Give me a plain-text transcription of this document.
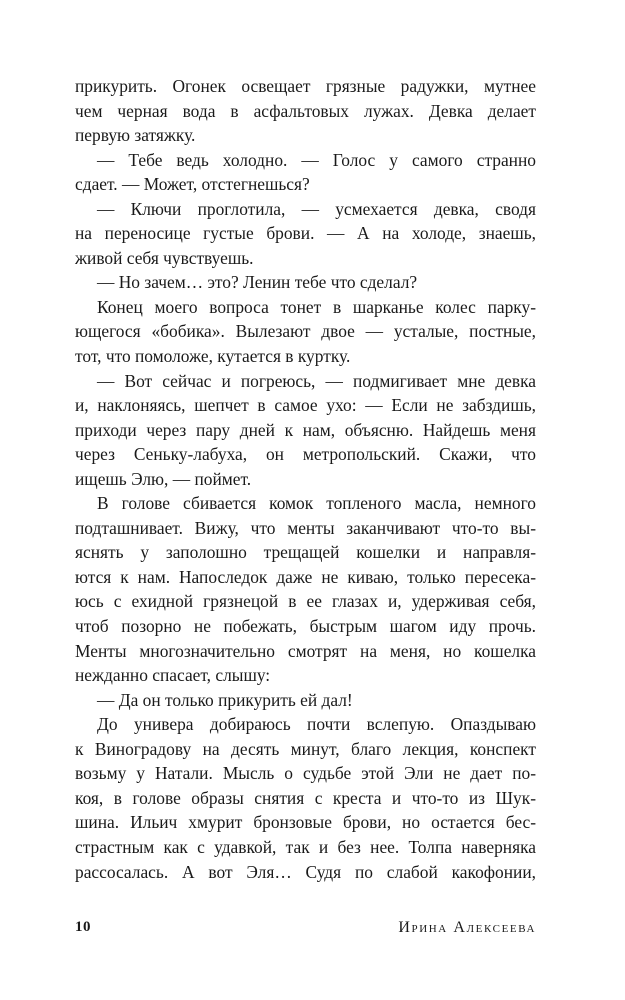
прикурить. Огонек освещает грязные радужки, мутнее
чем черная вода в асфальтовых лужах. Девка делает
первую затяжку.
— Тебе ведь холодно. — Голос у самого странно
сдает. — Может, отстегнешься?
— Ключи проглотила, — усмехается девка, сводя
на переносице густые брови. — А на холоде, знаешь,
живой себя чувствуешь.
— Но зачем… это? Ленин тебе что сделал?
Конец моего вопроса тонет в шарканье колес парку-
ющегося «бобика». Вылезают двое — усталые, постные,
тот, что помоложе, кутается в куртку.
— Вот сейчас и погреюсь, — подмигивает мне девка
и, наклоняясь, шепчет в самое ухо: — Если не забздишь,
приходи через пару дней к нам, объясню. Найдешь меня
через Сеньку-лабуха, он метропольский. Скажи, что
ищешь Элю, — поймет.
В голове сбивается комок топленого масла, немного
подташнивает. Вижу, что менты заканчивают что-то вы-
яснять у заполошно трещащей кошелки и направля-
ются к нам. Напоследок даже не киваю, только пересека-
юсь с ехидной грязнецой в ее глазах и, удерживая себя,
чтоб позорно не побежать, быстрым шагом иду прочь.
Менты многозначительно смотрят на меня, но кошелка
нежданно спасает, слышу:
— Да он только прикурить ей дал!
До универа добираюсь почти вслепую. Опаздываю
к Виноградову на десять минут, благо лекция, конспект
возьму у Натали. Мысль о судьбе этой Эли не дает по-
коя, в голове образы снятия с креста и что-то из Шук-
шина. Ильич хмурит бронзовые брови, но остается бес-
страстным как с удавкой, так и без нее. Толпа наверняка
рассосалась. А вот Эля… Судя по слабой какофонии,
10	Ирина Алексеева
